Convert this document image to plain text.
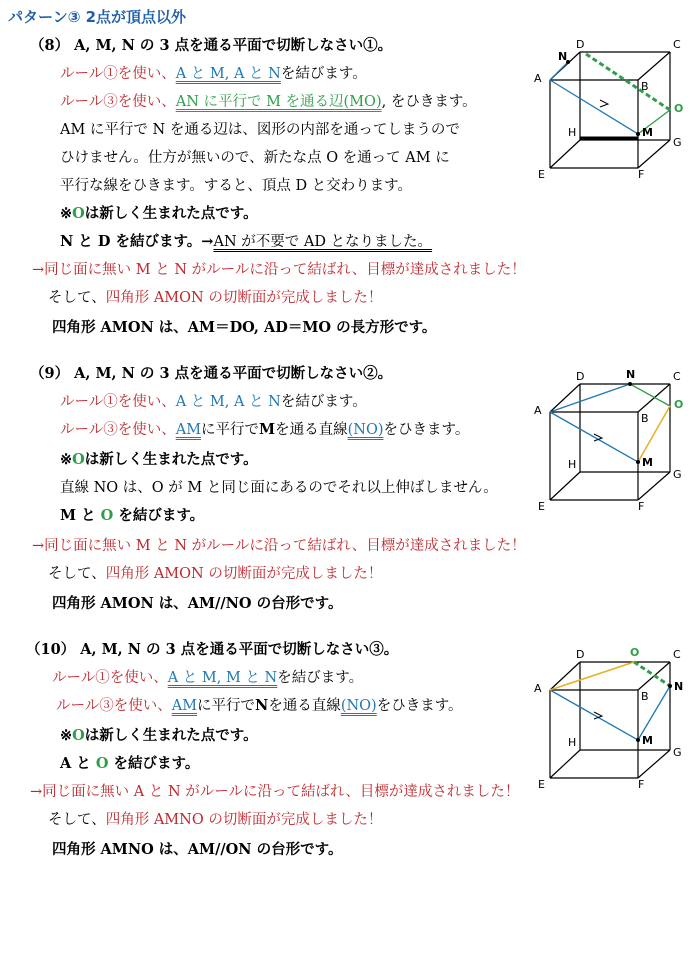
パターン③ 2点が頂点以外
（8） A, M, N の 3 点を通る平面で切断しなさい①。
ルール①を使い、A と M, A と Nを結びます。
ルール③を使い、AN に平行で M を通る辺(MO), をひきます。
AM に平行で N を通る辺は、図形の内部を通ってしまうので
ひけません。仕方が無いので、新たな点 O を通って AM に
平行な線をひきます。すると、頂点 D と交わります。
※Oは新しく生まれた点です。
N と D を結びます。→AN が不要で AD となりました。
→同じ面に無い M と N がルールに沿って結ばれ、目標が達成されました！
そして、四角形 AMON の切断面が完成しました！
四角形 AMON は、AM＝DO, AD＝MO の長方形です。
A
B
C
D
E	F
G
H	M
N
O
（9） A, M, N の 3 点を通る平面で切断しなさい②。
ルール①を使い、A と M, A と Nを結びます。
ルール③を使い、AMに平行でMを通る直線(NO)をひきます。
※Oは新しく生まれた点です。
直線 NO は、O が M と同じ面にあるのでそれ以上伸ばしません。
M と O を結びます。
→同じ面に無い M と N がルールに沿って結ばれ、目標が達成されました！
そして、四角形 AMON の切断面が完成しました！
四角形 AMON は、AM//NO の台形です。
A
B
C
D
E	F
G
H	M
N
O
（10） A, M, N の 3 点を通る平面で切断しなさい③。
ルール①を使い、A と M, M と Nを結びます。
ルール③を使い、AMに平行でNを通る直線(NO)をひきます。
※Oは新しく生まれた点です。
A と O を結びます。
→同じ面に無い A と N がルールに沿って結ばれ、目標が達成されました！
そして、四角形 AMNO の切断面が完成しました！
四角形 AMNO は、AM//ON の台形です。
A
B
C
D
E	F
G
H	M
N
O
